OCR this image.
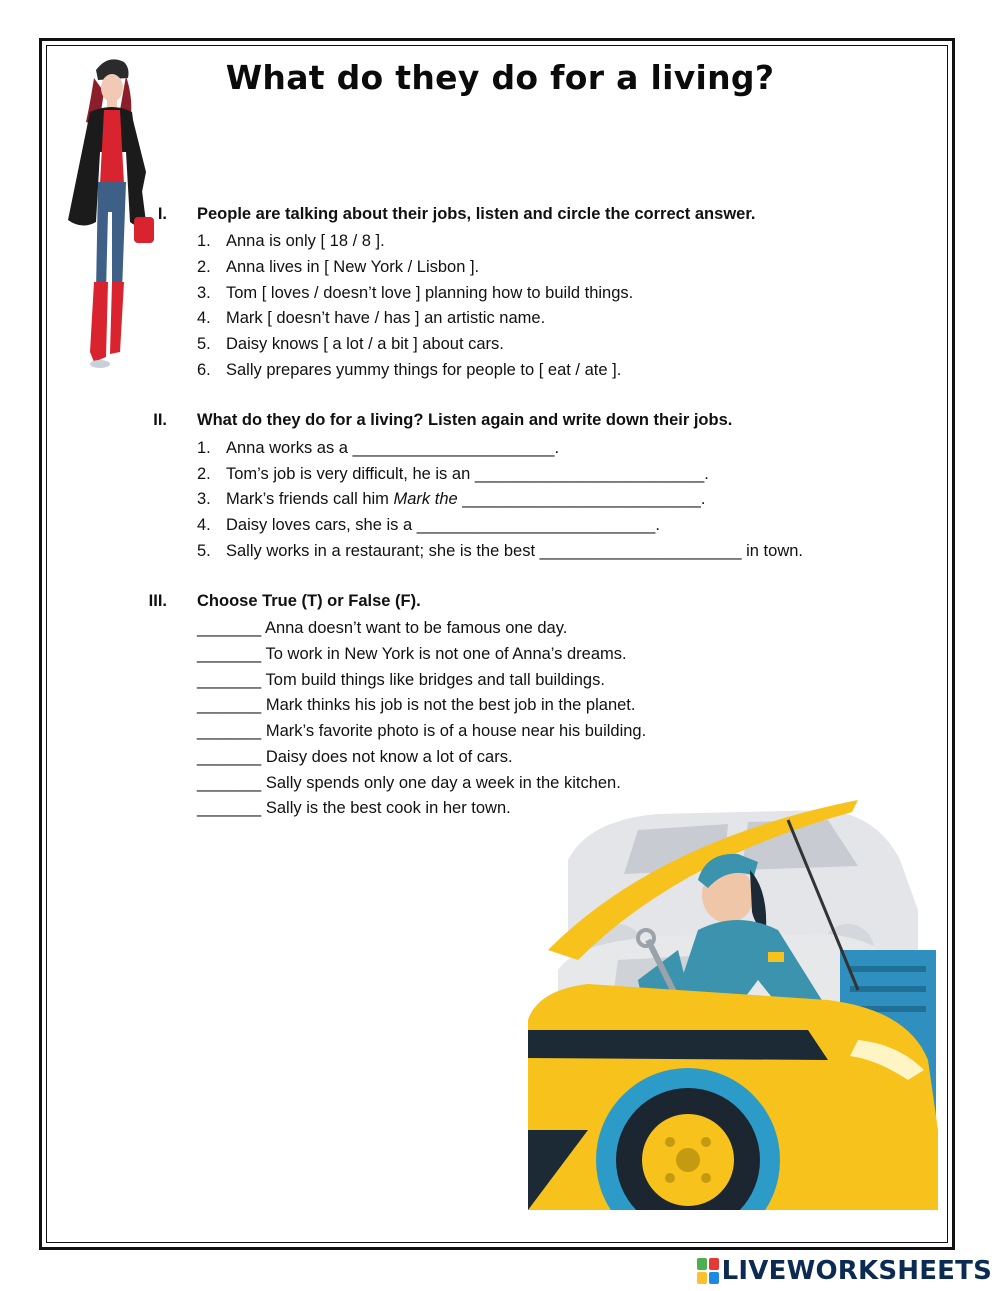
What do they do for a living?
I. People are talking about their jobs, listen and circle the correct answer.
1. Anna is only [ 18 / 8 ].
2. Anna lives in [ New York / Lisbon ].
3. Tom [ loves / doesn’t love ] planning how to build things.
4. Mark [ doesn’t have / has ] an artistic name.
5. Daisy knows [ a lot / a bit ] about cars.
6. Sally prepares yummy things for people to [ eat / ate ].
II. What do they do for a living? Listen again and write down their jobs.
1. Anna works as a ______________________.
2. Tom’s job is very difficult, he is an _________________________.
3. Mark’s friends call him Mark the __________________________.
4. Daisy loves cars, she is a __________________________.
5. Sally works in a restaurant; she is the best ______________________ in town.
III. Choose True (T) or False (F).
_______ Anna doesn’t want to be famous one day.
_______ To work in New York is not one of Anna’s dreams.
_______ Tom build things like bridges and tall buildings.
_______ Mark thinks his job is not the best job in the planet.
_______ Mark’s favorite photo is of a house near his building.
_______ Daisy does not know a lot of cars.
_______ Sally spends only one day a week in the kitchen.
_______ Sally is the best cook in her town.
LIVEWORKSHEETS
